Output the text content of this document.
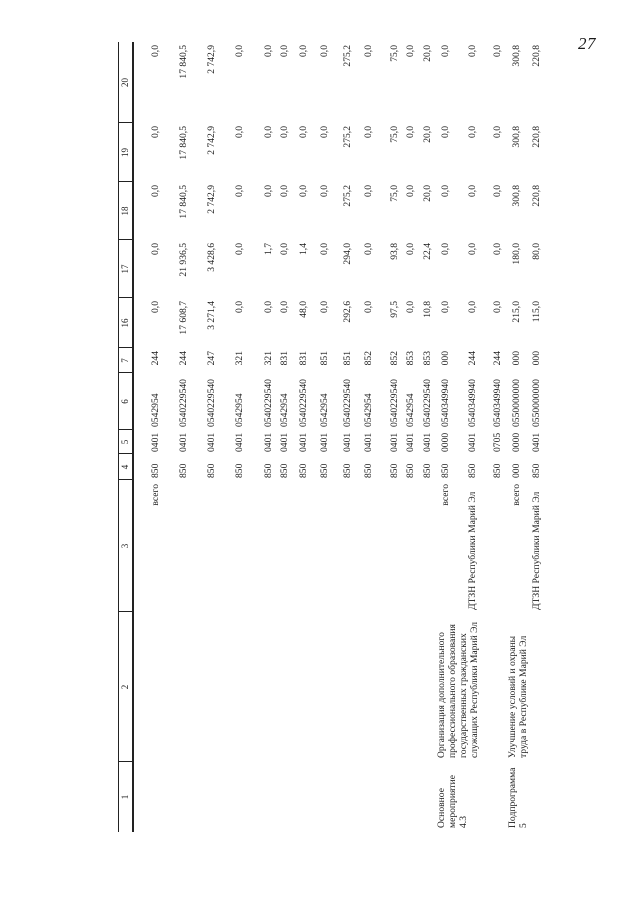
27
1
2
3
4
5
6
7
16
17
18
19
20
Основное мероприятие 4.3
Организация дополнительного профессионального образования государственных гражданских служащих Республики Марий Эл
всего
850
0401
0542954
244
0,0
0,0
0,0
0,0
0,0
850
0401
0540229540
244
17 608,7
21 936,5
17 840,5
17 840,5
17 840,5
850
0401
0540229540
247
3 271,4
3 428,6
2 742,9
2 742,9
2 742,9
850
0401
0542954
321
0,0
0,0
0,0
0,0
0,0
850
0401
0540229540
321
0,0
1,7
0,0
0,0
0,0
850
0401
0542954
831
0,0
0,0
0,0
0,0
0,0
850
0401
0540229540
831
48,0
1,4
0,0
0,0
0,0
850
0401
0542954
851
0,0
0,0
0,0
0,0
0,0
850
0401
0540229540
851
292,6
294,0
275,2
275,2
275,2
850
0401
0542954
852
0,0
0,0
0,0
0,0
0,0
850
0401
0540229540
852
97,5
93,8
75,0
75,0
75,0
850
0401
0542954
853
0,0
0,0
0,0
0,0
0,0
850
0401
0540229540
853
10,8
22,4
20,0
20,0
20,0
всего
850
0000
0540349940
000
0,0
0,0
0,0
0,0
0,0
ДТЗН Республики Марий Эл
850
0401
0540349940
244
0,0
0,0
0,0
0,0
0,0
850
0705
0540349940
244
0,0
0,0
0,0
0,0
0,0
Подпрограмма 5
Улучшение условий и охраны труда в Республике Марий Эл
всего
000
0000
0550000000
000
215,0
180,0
300,8
300,8
300,8
ДТЗН Республики Марий Эл
850
0401
0550000000
000
115,0
80,0
220,8
220,8
220,8
